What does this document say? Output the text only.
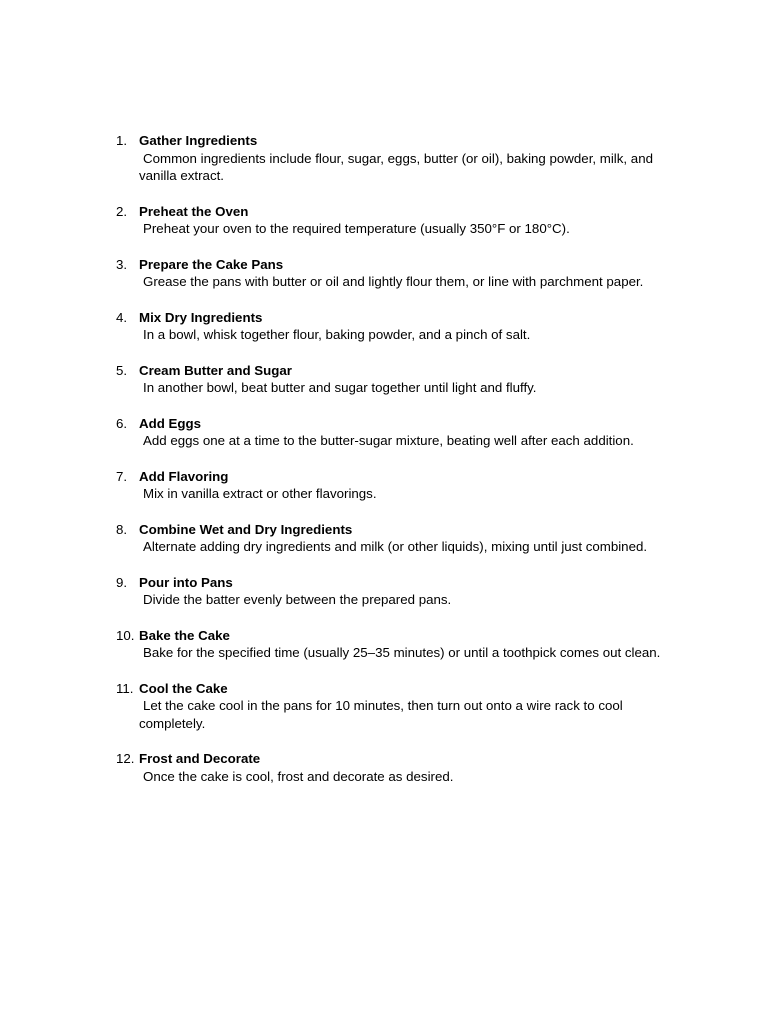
1. Gather Ingredients
Common ingredients include flour, sugar, eggs, butter (or oil), baking powder, milk, and vanilla extract.
2. Preheat the Oven
Preheat your oven to the required temperature (usually 350°F or 180°C).
3. Prepare the Cake Pans
Grease the pans with butter or oil and lightly flour them, or line with parchment paper.
4. Mix Dry Ingredients
In a bowl, whisk together flour, baking powder, and a pinch of salt.
5. Cream Butter and Sugar
In another bowl, beat butter and sugar together until light and fluffy.
6. Add Eggs
Add eggs one at a time to the butter-sugar mixture, beating well after each addition.
7. Add Flavoring
Mix in vanilla extract or other flavorings.
8. Combine Wet and Dry Ingredients
Alternate adding dry ingredients and milk (or other liquids), mixing until just combined.
9. Pour into Pans
Divide the batter evenly between the prepared pans.
10. Bake the Cake
Bake for the specified time (usually 25–35 minutes) or until a toothpick comes out clean.
11. Cool the Cake
Let the cake cool in the pans for 10 minutes, then turn out onto a wire rack to cool completely.
12. Frost and Decorate
Once the cake is cool, frost and decorate as desired.
